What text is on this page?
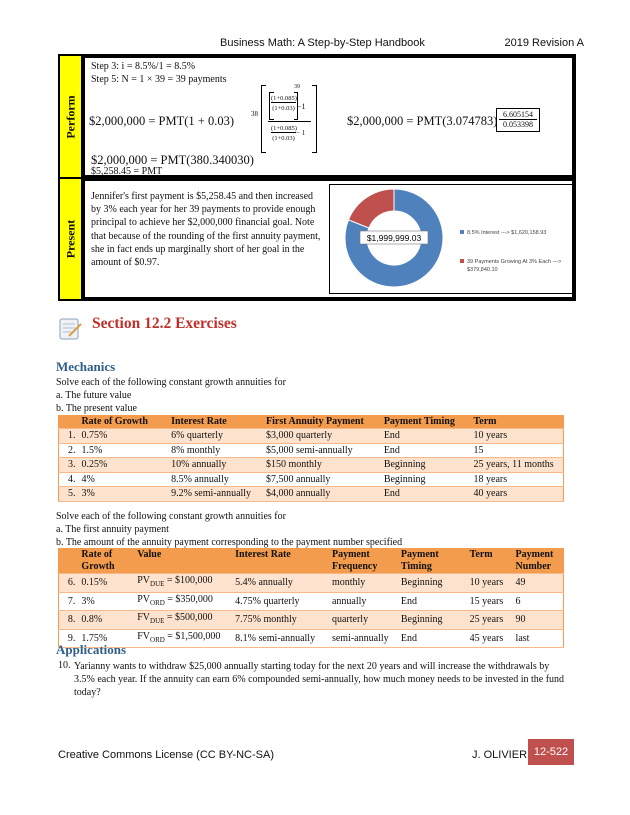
Business Math: A Step-by-Step Handbook	2019 Revision A
Perform
Step 3: i = 8.5%/1 = 8.5%
Step 5: N = 1 × 39 = 39 payments
$2,000,000 = PMT(1 + 0.03) 38
(1+0.085)
(1+0.03)
39
−1
(1+0.085)
(1+0.03)
− 1
$2,000,000 = PMT(3.074783) 6.605154
0.053398
$2,000,000 = PMT(380.340030)
$5,258.45 = PMT
Present
Jennifer's first payment is $5,258.45 and then increased by 3% each year for her 39 payments to provide enough principal to achieve her $2,000,000 financial goal. Note that because of the rounding of the first annuity payment, she in fact ends up marginally short of her goal in the amount of $0.97.
$1,999,999.03	8.5% Interest ---> $1,620,158.93
39 Payments Growing At 3% Each ---> $379,840.10
Section 12.2 Exercises
Mechanics
Solve each of the following constant growth annuities for
a. The future value
b. The present value
	Rate of Growth	Interest Rate	First Annuity Payment	Payment Timing	Term
1.	0.75%	6% quarterly	$3,000 quarterly	End	10 years
2.	1.5%	8% monthly	$5,000 semi-annually	End	15
3.	0.25%	10% annually	$150 monthly	Beginning	25 years, 11 months
4.	4%	8.5% annually	$7,500 annually	Beginning	18 years
5.	3%	9.2% semi-annually	$4,000 annually	End	40 years
Solve each of the following constant growth annuities for
a. The first annuity payment
b. The amount of the annuity payment corresponding to the payment number specified
	Rate of Growth	Value	Interest Rate	Payment Frequency	Payment Timing	Term	Payment Number
6.	0.15%	$PV_{DUE}$ = $100,000	5.4% annually	monthly	Beginning	10 years	49
7.	3%	$PV_{ORD}$ = $350,000	4.75% quarterly	annually	End	15 years	6
8.	0.8%	$FV_{DUE}$ = $500,000	7.75% monthly	quarterly	Beginning	25 years	90
9.	1.75%	$FV_{ORD}$ = $1,500,000	8.1% semi-annually	semi-annually	End	45 years	last
Applications
10. Yarianny wants to withdraw $25,000 annually starting today for the next 20 years and will increase the withdrawals by 3.5% each year. If the annuity can earn 6% compounded semi-annually, how much money needs to be invested in the fund today?
Creative Commons License (CC BY-NC-SA)	J. OLIVIER 12-522
